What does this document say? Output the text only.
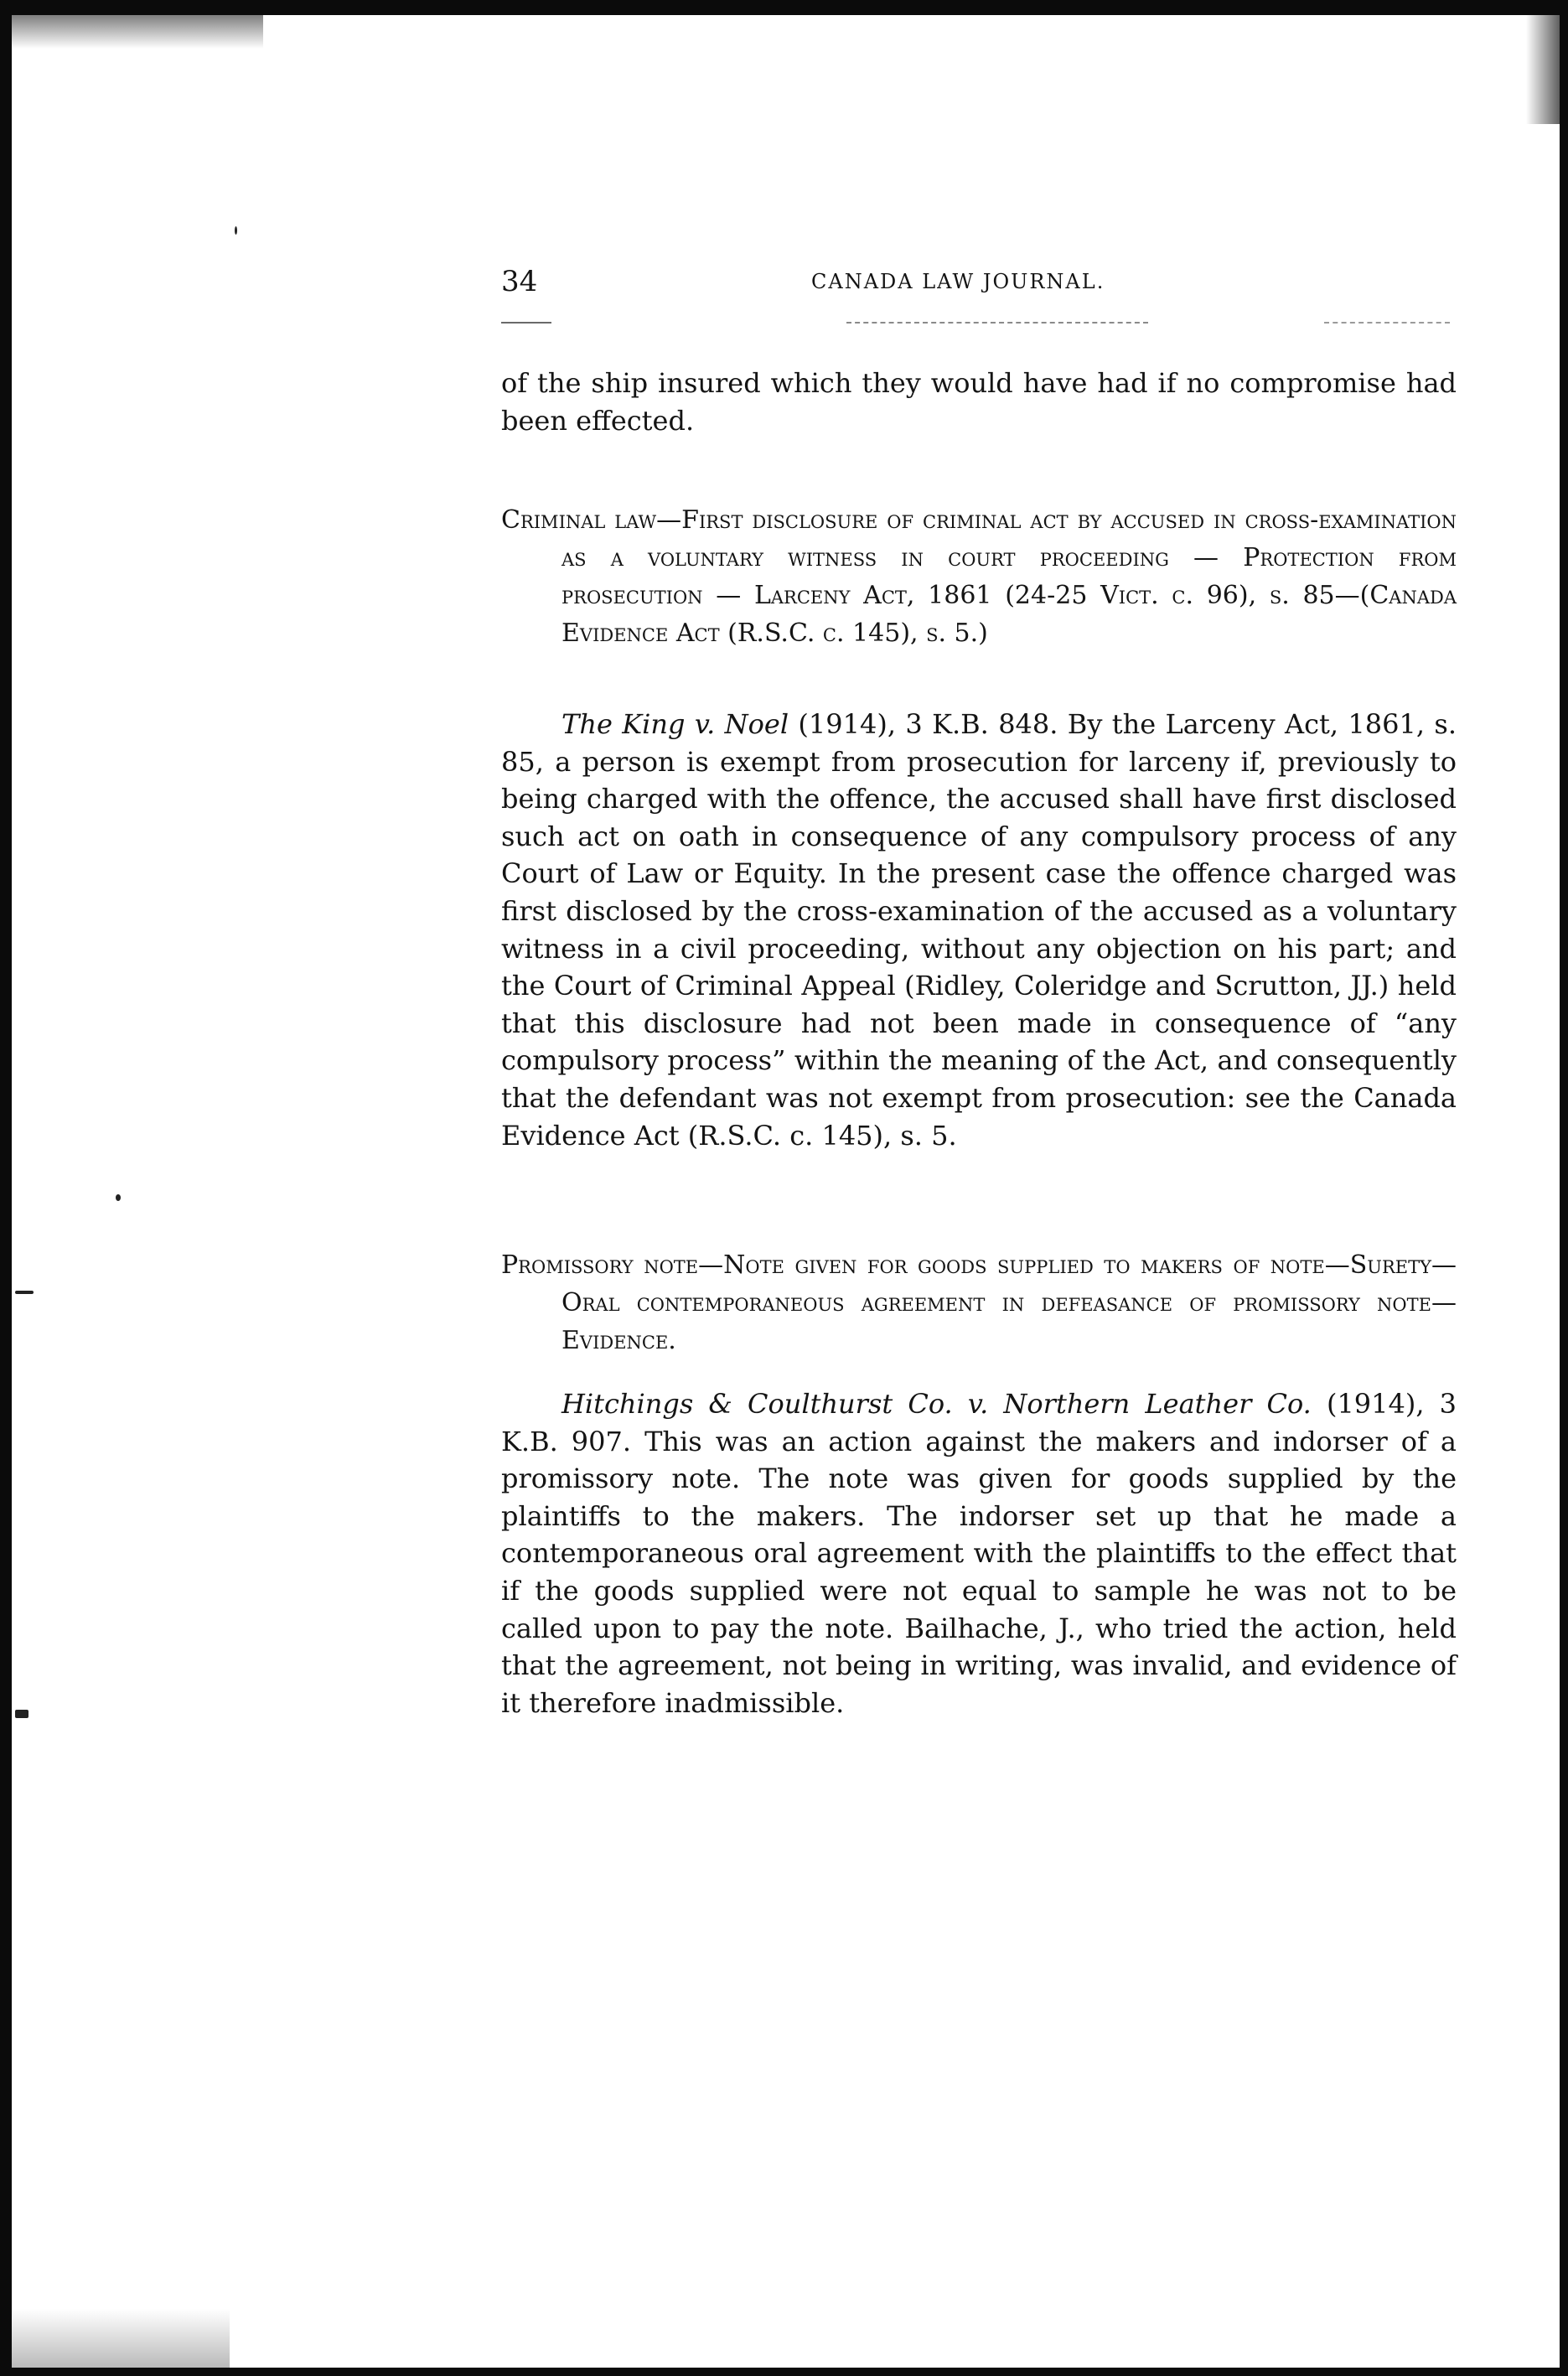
34	CANADA LAW JOURNAL.
of the ship insured which they would have had if no compromise had been effected.
Criminal law—First disclosure of criminal act by accused in cross-examination as a voluntary witness in court proceeding — Protection from prosecution — Larceny Act, 1861 (24-25 Vict. c. 96), s. 85—(Canada Evidence Act (R.S.C. c. 145), s. 5.)
The King v. Noel (1914), 3 K.B. 848. By the Larceny Act, 1861, s. 85, a person is exempt from prosecution for larceny if, previously to being charged with the offence, the accused shall have first disclosed such act on oath in consequence of any compulsory process of any Court of Law or Equity. In the present case the offence charged was first disclosed by the cross-examination of the accused as a voluntary witness in a civil proceeding, without any objection on his part; and the Court of Criminal Appeal (Ridley, Coleridge and Scrutton, JJ.) held that this disclosure had not been made in consequence of “any compulsory process” within the meaning of the Act, and consequently that the defendant was not exempt from prosecution: see the Canada Evidence Act (R.S.C. c. 145), s. 5.
Promissory note—Note given for goods supplied to makers of note—Surety—Oral contemporaneous agreement in defeasance of promissory note—Evidence.
Hitchings & Coulthurst Co. v. Northern Leather Co. (1914), 3 K.B. 907. This was an action against the makers and indorser of a promissory note. The note was given for goods supplied by the plaintiffs to the makers. The indorser set up that he made a contemporaneous oral agreement with the plaintiffs to the effect that if the goods supplied were not equal to sample he was not to be called upon to pay the note. Bailhache, J., who tried the action, held that the agreement, not being in writing, was invalid, and evidence of it therefore inadmissible.
